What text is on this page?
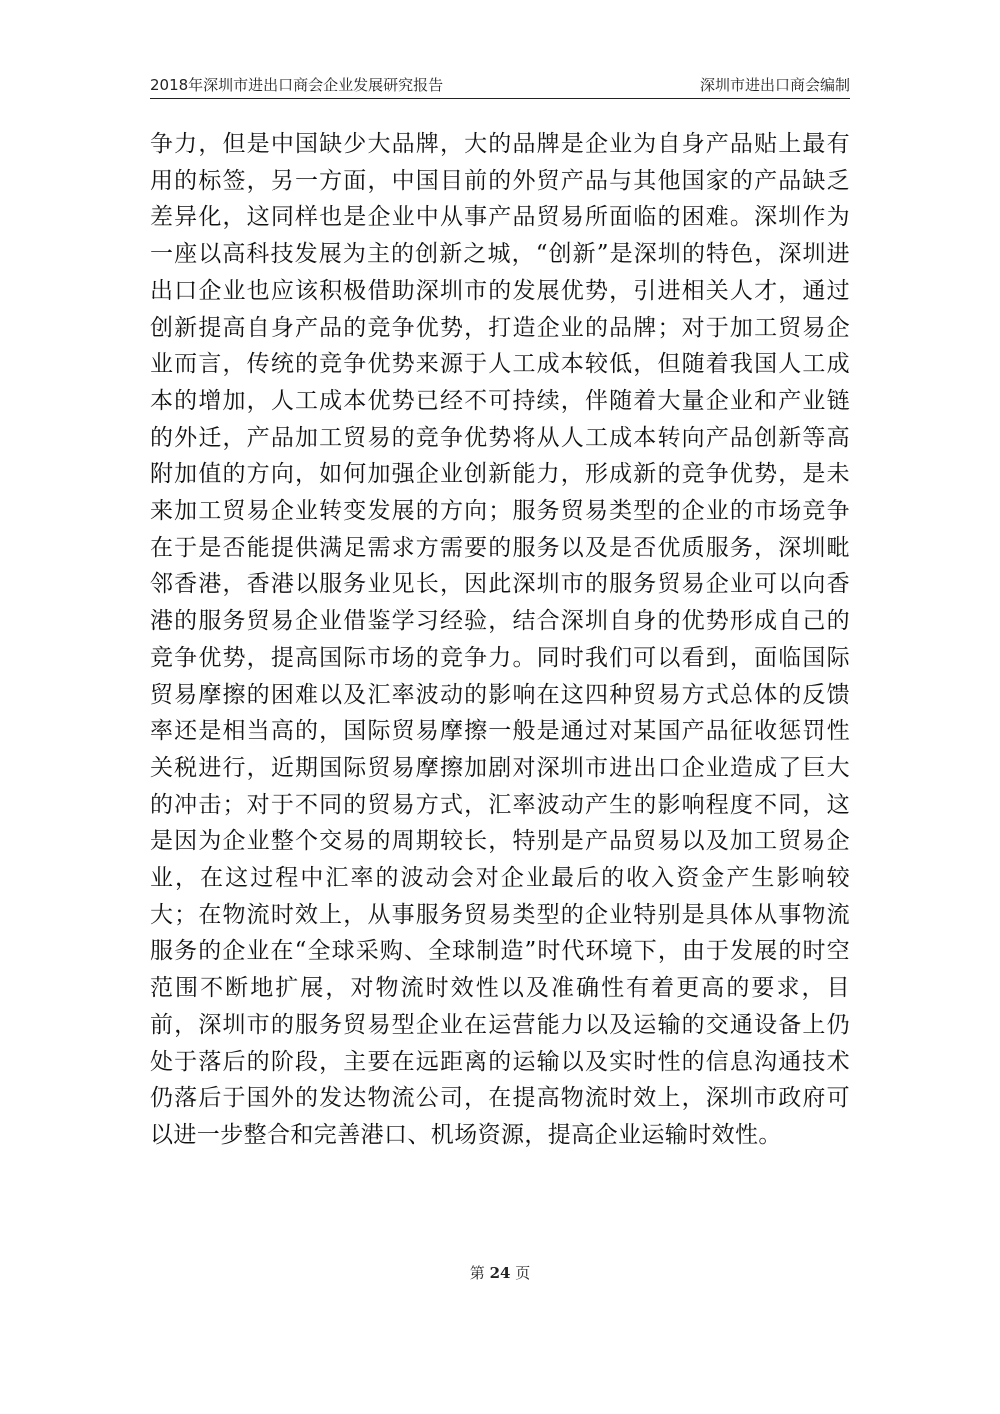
2018年深圳市进出口商会企业发展研究报告	深圳市进出口商会编制

争力，但是中国缺少大品牌，大的品牌是企业为自身产品贴上最有用的标签，另一方面，中国目前的外贸产品与其他国家的产品缺乏差异化，这同样也是企业中从事产品贸易所面临的困难。深圳作为一座以高科技发展为主的创新之城，“创新”是深圳的特色，深圳进出口企业也应该积极借助深圳市的发展优势，引进相关人才，通过创新提高自身产品的竞争优势，打造企业的品牌；对于加工贸易企业而言，传统的竞争优势来源于人工成本较低，但随着我国人工成本的增加，人工成本优势已经不可持续，伴随着大量企业和产业链的外迁，产品加工贸易的竞争优势将从人工成本转向产品创新等高附加值的方向，如何加强企业创新能力，形成新的竞争优势，是未来加工贸易企业转变发展的方向；服务贸易类型的企业的市场竞争在于是否能提供满足需求方需要的服务以及是否优质服务，深圳毗邻香港，香港以服务业见长，因此深圳市的服务贸易企业可以向香港的服务贸易企业借鉴学习经验，结合深圳自身的优势形成自己的竞争优势，提高国际市场的竞争力。同时我们可以看到，面临国际贸易摩擦的困难以及汇率波动的影响在这四种贸易方式总体的反馈率还是相当高的，国际贸易摩擦一般是通过对某国产品征收惩罚性关税进行，近期国际贸易摩擦加剧对深圳市进出口企业造成了巨大的冲击；对于不同的贸易方式，汇率波动产生的影响程度不同，这是因为企业整个交易的周期较长，特别是产品贸易以及加工贸易企业，在这过程中汇率的波动会对企业最后的收入资金产生影响较大；在物流时效上，从事服务贸易类型的企业特别是具体从事物流服务的企业在“全球采购、全球制造”时代环境下，由于发展的时空范围不断地扩展，对物流时效性以及准确性有着更高的要求，目前，深圳市的服务贸易型企业在运营能力以及运输的交通设备上仍处于落后的阶段，主要在远距离的运输以及实时性的信息沟通技术仍落后于国外的发达物流公司，在提高物流时效上，深圳市政府可以进一步整合和完善港口、机场资源，提高企业运输时效性。

第 24 页
